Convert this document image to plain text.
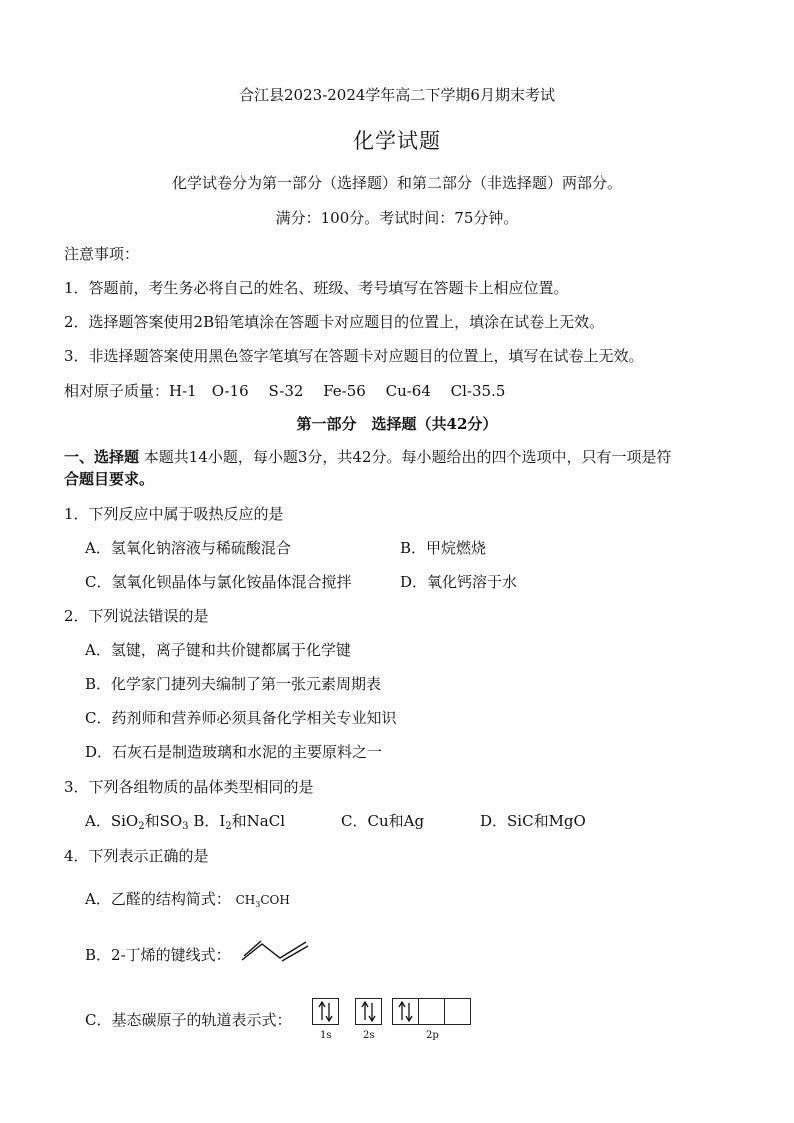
合江县2023-2024学年高二下学期6月期末考试
化学试题
化学试卷分为第一部分（选择题）和第二部分（非选择题）两部分。
满分：100分。考试时间：75分钟。
注意事项：
1．答题前，考生务必将自己的姓名、班级、考号填写在答题卡上相应位置。
2．选择题答案使用2B铅笔填涂在答题卡对应题目的位置上，填涂在试卷上无效。
3．非选择题答案使用黑色签字笔填写在答题卡对应题目的位置上，填写在试卷上无效。
相对原子质量：H-1　O-16　 S-32　 Fe-56　 Cu-64　 Cl-35.5
第一部分　选择题（共42分）
一、选择题 本题共14小题，每小题3分，共42分。每小题给出的四个选项中，只有一项是符
合题目要求。
1．下列反应中属于吸热反应的是
A．氢氧化钠溶液与稀硫酸混合	B．甲烷燃烧
C．氢氧化钡晶体与氯化铵晶体混合搅拌	D．氧化钙溶于水
2．下列说法错误的是
A．氢键，离子键和共价键都属于化学键
B．化学家门捷列夫编制了第一张元素周期表
C．药剂师和营养师必须具备化学相关专业知识
D．石灰石是制造玻璃和水泥的主要原料之一
3．下列各组物质的晶体类型相同的是
A．SiO$_2$和$SO_3$ B．$I_2$和NaCl	C．Cu和Ag	D．SiC和MgO
4．下列表示正确的是
A．乙醛的结构简式： $CH_3COH$
B．2-丁烯的键线式：
C．基态碳原子的轨道表示式：
1s	2s	2p
